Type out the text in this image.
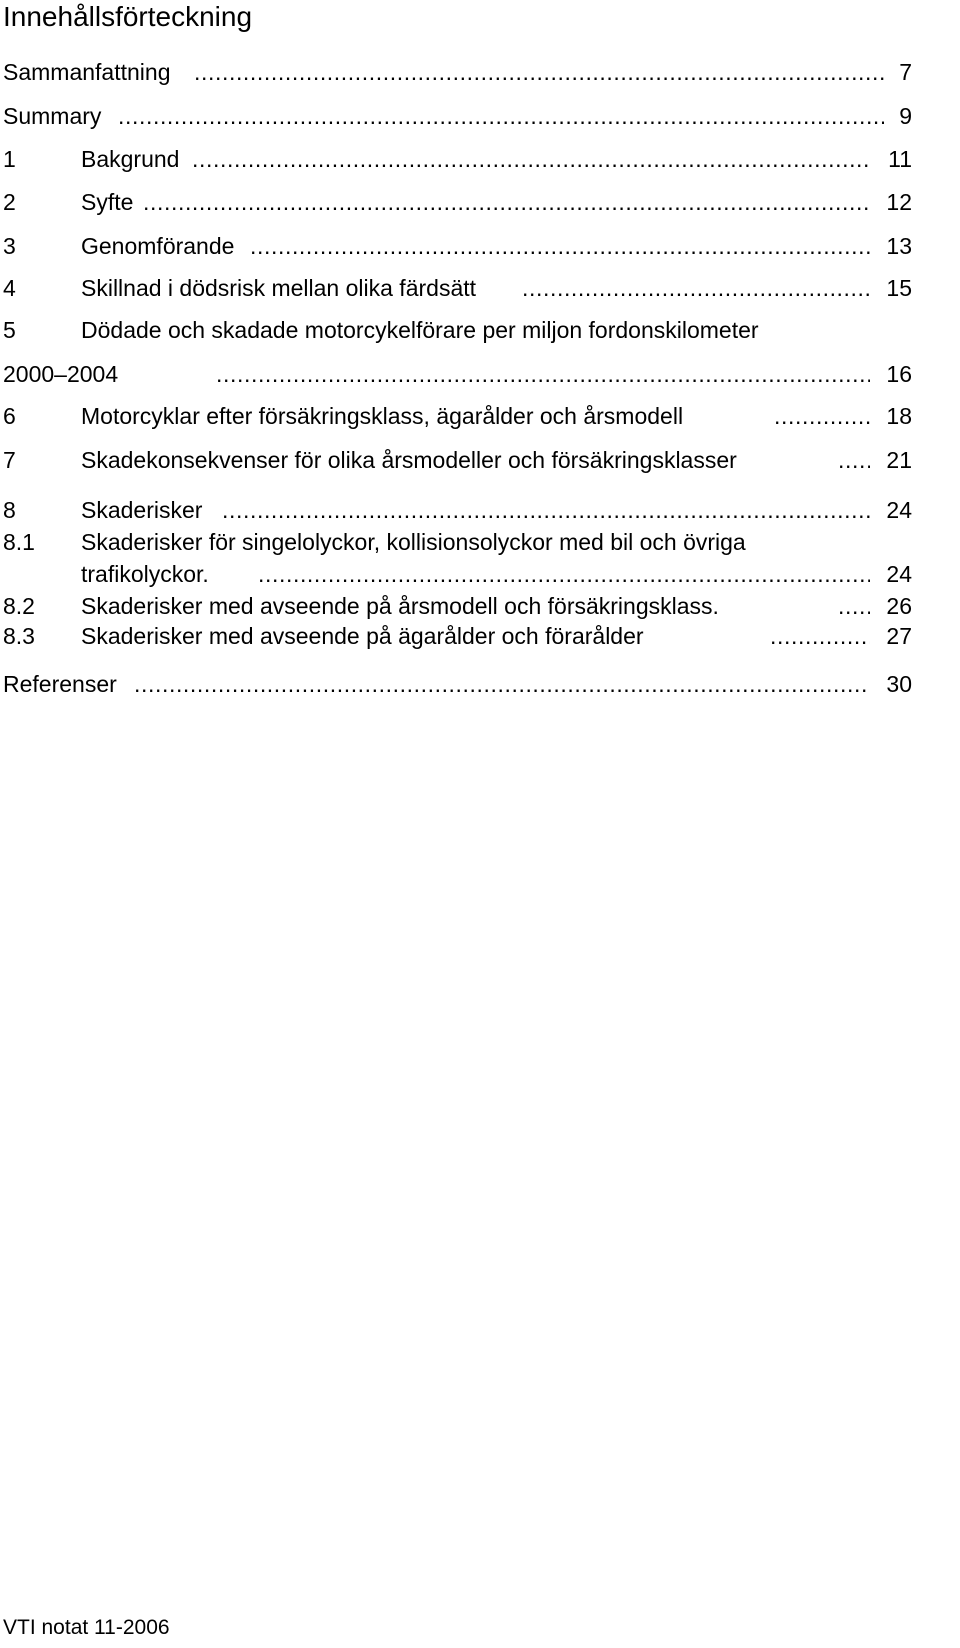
Innehållsförteckning
Sammanfattning .....	7
Summary .....	9
1	Bakgrund .....	11
2	Syfte .....	12
3	Genomförande .....	13
4	Skillnad i dödsrisk mellan olika färdsätt .....	15
5	Dödade och skadade motorcykelförare per miljon fordonskilometer
2000–2004 .....	16
6	Motorcyklar efter försäkringsklass, ägarålder och årsmodell .....	18
7	Skadekonsekvenser för olika årsmodeller och försäkringsklasser .....	21
8	Skaderisker .....	24
8.1 Skaderisker för singelolyckor, kollisionsolyckor med bil och övriga
trafikolyckor. .....	24
8.2 Skaderisker med avseende på årsmodell och försäkringsklass. .....	26
8.3 Skaderisker med avseende på ägarålder och förarålder .....	27
Referenser .....	30
VTI notat 11-2006
